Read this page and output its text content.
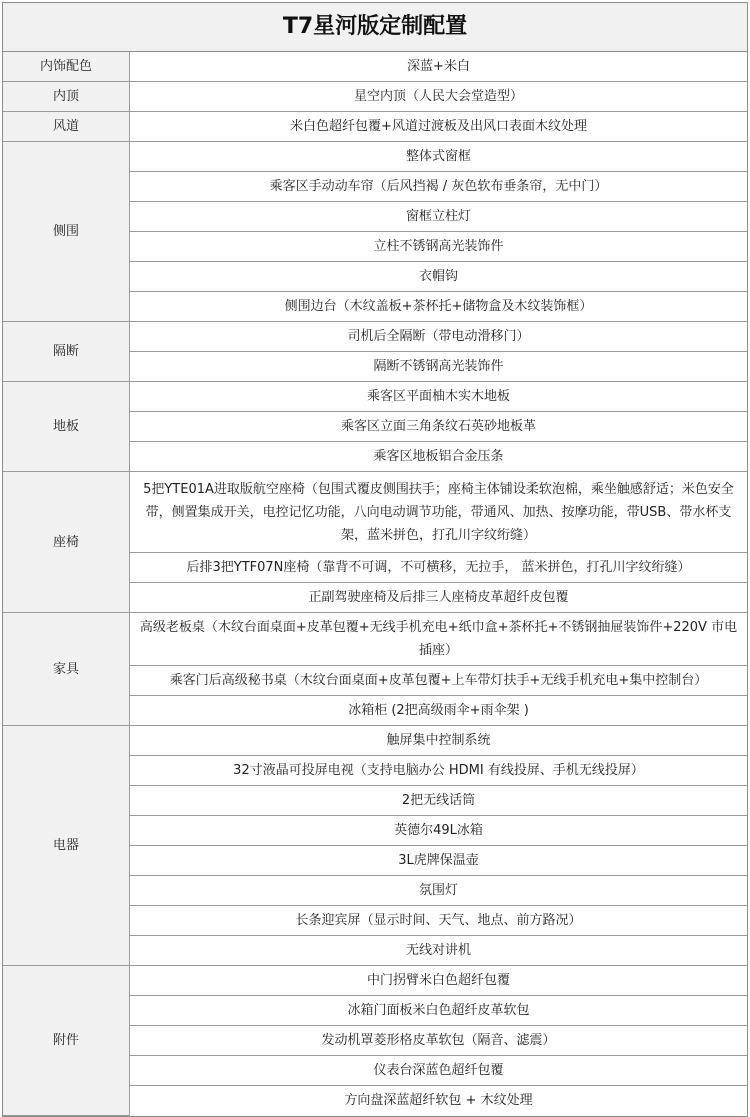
T7星河版定制配置
内饰配色	深蓝+米白
内顶	星空内顶（人民大会堂造型）
风道	米白色超纤包覆+风道过渡板及出风口表面木纹处理
侧围	整体式窗框
	乘客区手动动车帘（后风挡褐 / 灰色软布垂条帘，无中门）
	窗框立柱灯
	立柱不锈钢高光装饰件
	衣帽钩
	侧围边台（木纹盖板+茶杯托+储物盒及木纹装饰框）
隔断	司机后全隔断（带电动滑移门）
	隔断不锈钢高光装饰件
地板	乘客区平面柚木实木地板
	乘客区立面三角条纹石英砂地板革
	乘客区地板铝合金压条
座椅	5把YTE01A进取版航空座椅（包围式覆皮侧围扶手；座椅主体铺设柔软泡棉，乘坐触感舒适；米色安全带，侧置集成开关，电控记忆功能，八向电动调节功能，带通风、加热、按摩功能，带USB、带水杯支架，蓝米拼色，打孔川字纹绗缝）
	后排3把YTF07N座椅（靠背不可调，不可横移，无拉手， 蓝米拼色，打孔川字纹绗缝）
	正副驾驶座椅及后排三人座椅皮革超纤皮包覆
家具	高级老板桌（木纹台面桌面+皮革包覆+无线手机充电+纸巾盒+茶杯托+不锈钢抽屉装饰件+220V 市电插座）
	乘客门后高级秘书桌（木纹台面桌面+皮革包覆+上车带灯扶手+无线手机充电+集中控制台）
	冰箱柜 (2把高级雨伞+雨伞架 )
电器	触屏集中控制系统
	32寸液晶可投屏电视（支持电脑办公 HDMI 有线投屏、手机无线投屏）
	2把无线话筒
	英德尔49L冰箱
	3L虎牌保温壶
	氛围灯
	长条迎宾屏（显示时间、天气、地点、前方路况）
	无线对讲机
附件	中门拐臂米白色超纤包覆
	冰箱门面板米白色超纤皮革软包
	发动机罩菱形格皮革软包（隔音、滤震）
	仪表台深蓝色超纤包覆
	方向盘深蓝超纤软包 + 木纹处理
